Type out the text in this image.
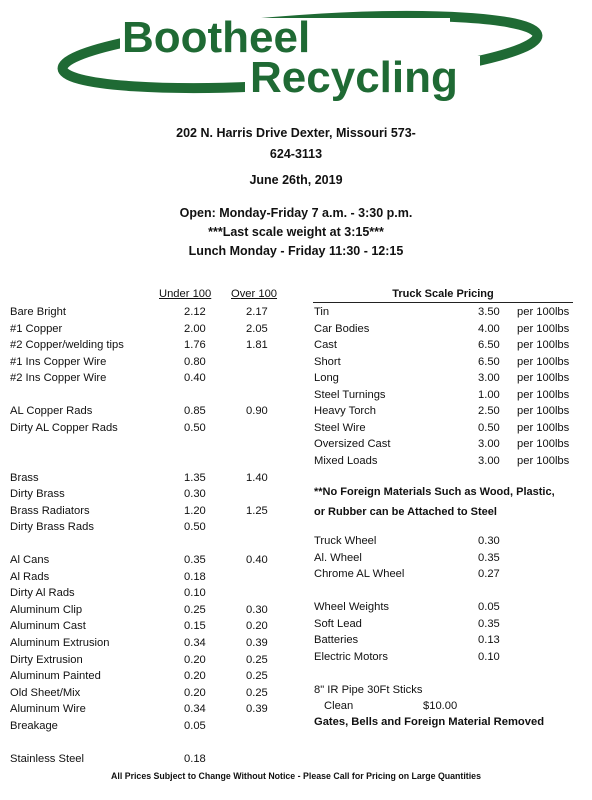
Bootheel
Recycling
202 N. Harris Drive Dexter, Missouri 573-
624-3113
June 26th, 2019
Open: Monday-Friday 7 a.m. - 3:30 p.m.
***Last scale weight at 3:15***
Lunch Monday - Friday 11:30 - 12:15
Under 100 Over 100
Bare Bright	2.12	2.17
#1 Copper	2.00	2.05
#2 Copper/welding tips	1.76	1.81
#1 Ins Copper Wire	0.80
#2 Ins Copper Wire	0.40
AL Copper Rads	0.85	0.90
Dirty AL Copper Rads	0.50
Brass	1.35	1.40
Dirty Brass	0.30
Brass Radiators	1.20	1.25
Dirty Brass Rads	0.50
Al Cans	0.35	0.40
Al Rads	0.18
Dirty Al Rads	0.10
Aluminum Clip	0.25	0.30
Aluminum Cast	0.15	0.20
Aluminum Extrusion	0.34	0.39
Dirty Extrusion	0.20	0.25
Aluminum Painted	0.20	0.25
Old Sheet/Mix	0.20	0.25
Aluminum Wire	0.34	0.39
Breakage	0.05
Stainless Steel	0.18
Truck Scale Pricing
Tin	3.50 per 100lbs
Car Bodies	4.00 per 100lbs
Cast	6.50 per 100lbs
Short	6.50 per 100lbs
Long	3.00 per 100lbs
Steel Turnings	1.00 per 100lbs
Heavy Torch	2.50 per 100lbs
Steel Wire	0.50 per 100lbs
Oversized Cast	3.00 per 100lbs
Mixed Loads	3.00 per 100lbs
**No Foreign Materials Such as Wood, Plastic,
or Rubber can be Attached to Steel
Truck Wheel	0.30
Al. Wheel	0.35
Chrome AL Wheel	0.27
Wheel Weights	0.05
Soft Lead	0.35
Batteries	0.13
Electric Motors	0.10
8" IR Pipe 30Ft Sticks
Clean	$10.00
Gates, Bells and Foreign Material Removed
All Prices Subject to Change Without Notice - Please Call for Pricing on Large Quantities
